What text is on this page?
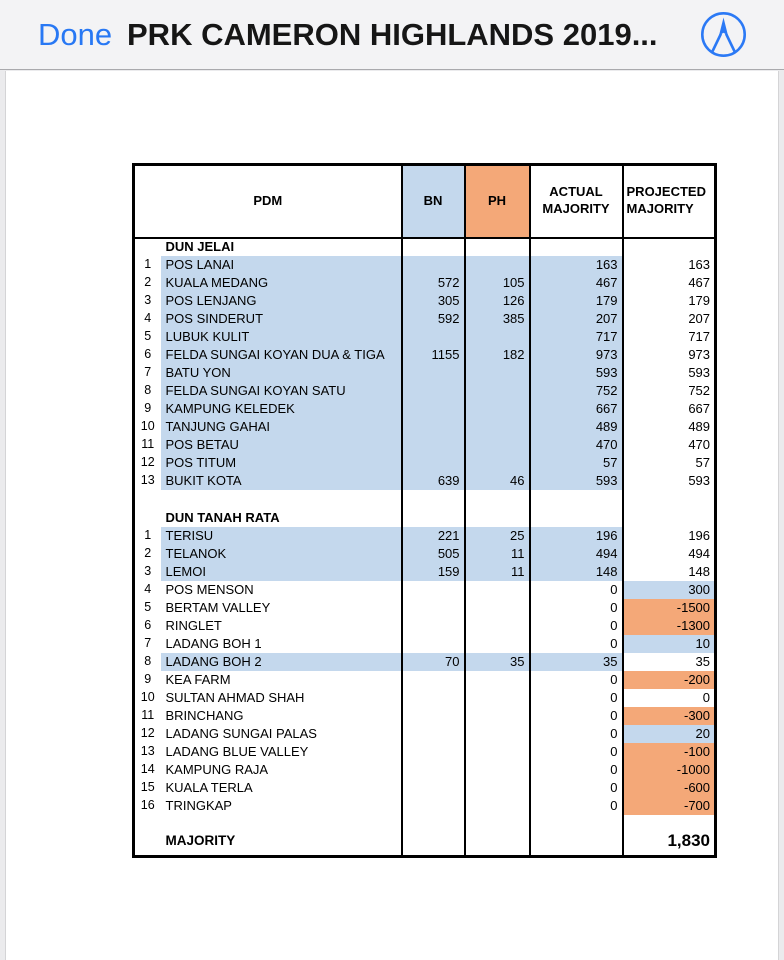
Done PRK CAMERON HIGHLANDS 2019...
PDM		BN	PH	ACTUAL MAJORITY	PROJECTED MAJORITY
	DUN JELAI				
1	POS LANAI			163	163
2	KUALA MEDANG	572	105	467	467
3	POS LENJANG	305	126	179	179
4	POS SINDERUT	592	385	207	207
5	LUBUK KULIT			717	717
6	FELDA SUNGAI KOYAN DUA & TIGA	1155	182	973	973
7	BATU YON			593	593
8	FELDA SUNGAI KOYAN SATU			752	752
9	KAMPUNG KELEDEK			667	667
10	TANJUNG GAHAI			489	489
11	POS BETAU			470	470
12	POS TITUM			57	57
13	BUKIT KOTA	639	46	593	593

	DUN TANAH RATA				
1	TERISU	221	25	196	196
2	TELANOK	505	11	494	494
3	LEMOI	159	11	148	148
4	POS MENSON			0	300
5	BERTAM VALLEY			0	-1500
6	RINGLET			0	-1300
7	LADANG BOH 1			0	10
8	LADANG BOH 2	70	35	35	35
9	KEA FARM			0	-200
10	SULTAN AHMAD SHAH			0	0
11	BRINCHANG			0	-300
12	LADANG SUNGAI PALAS			0	20
13	LADANG BLUE VALLEY			0	-100
14	KAMPUNG RAJA			0	-1000
15	KUALA TERLA			0	-600
16	TRINGKAP			0	-700

	MAJORITY				1,830
